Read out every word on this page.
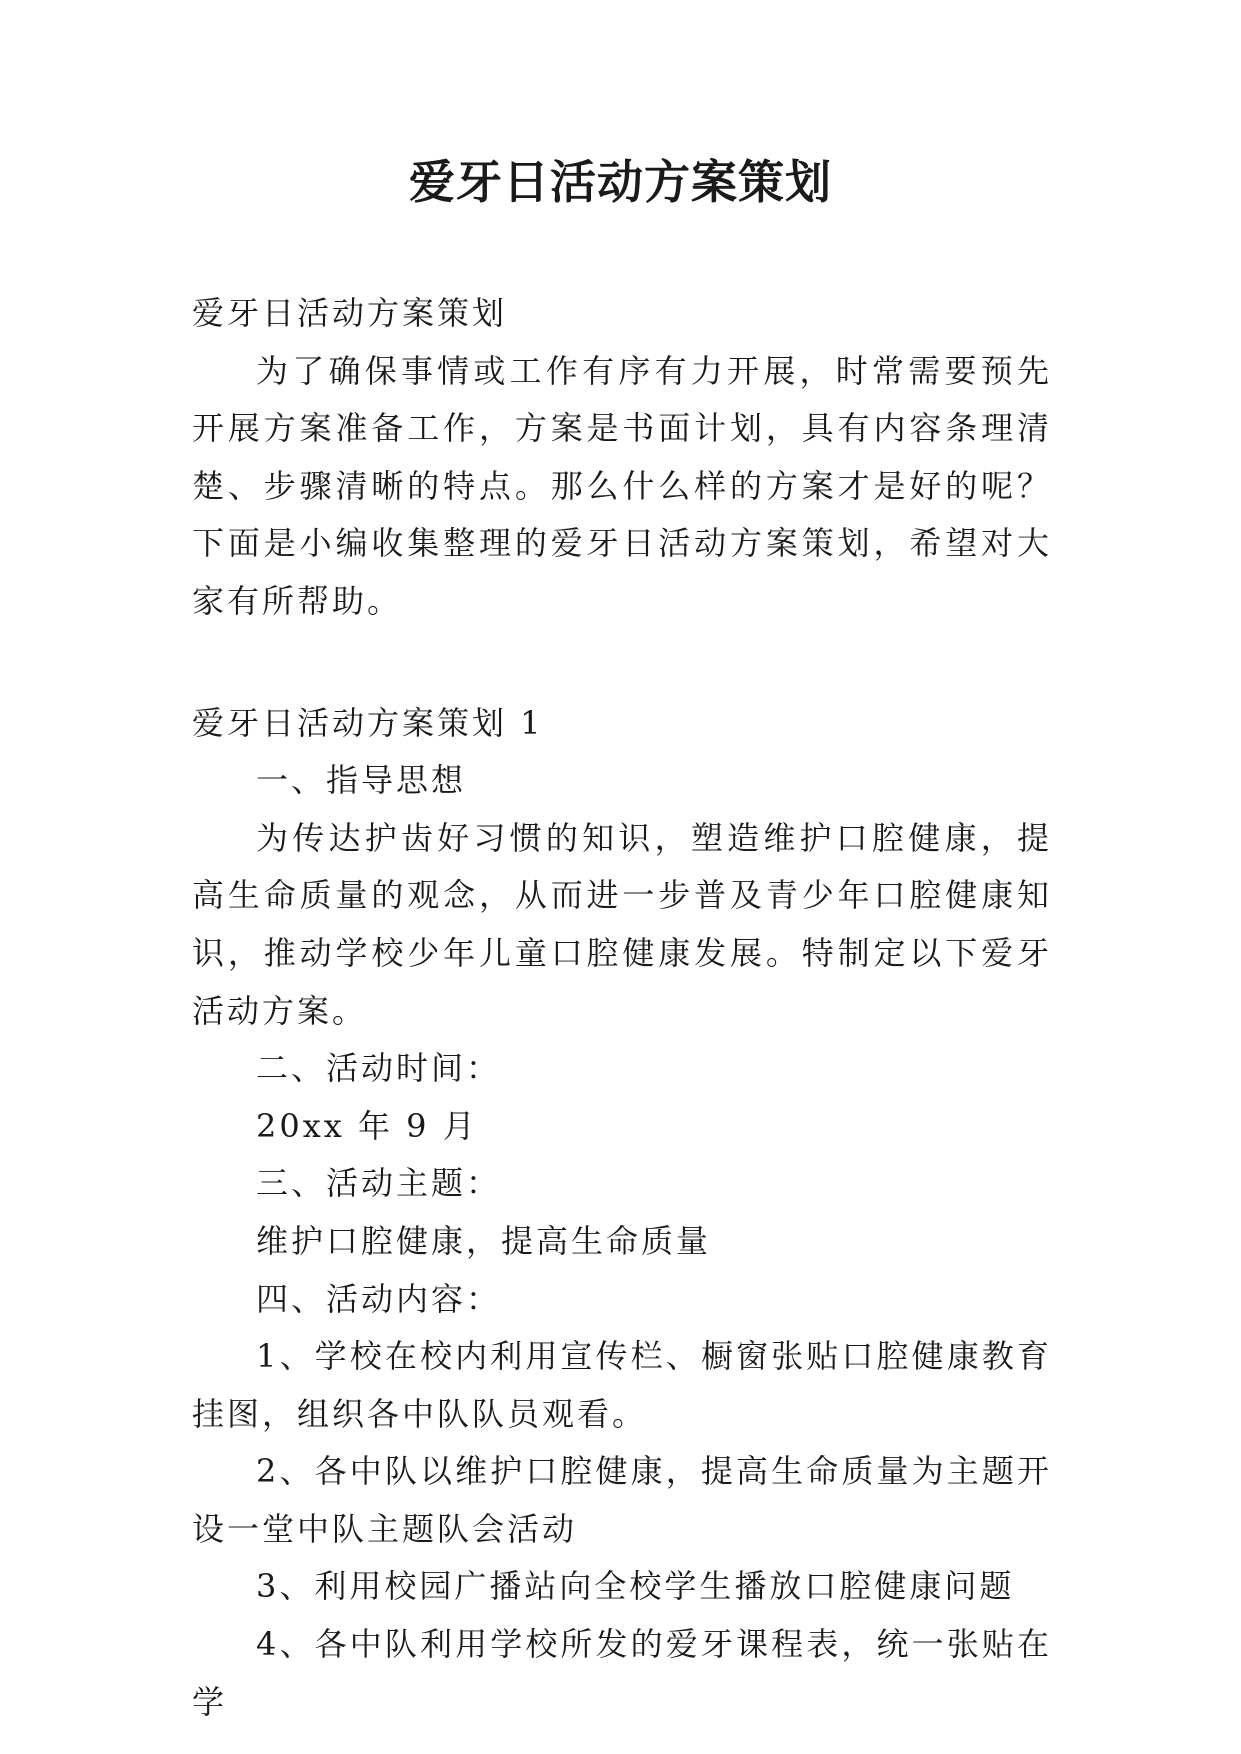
爱牙日活动方案策划

爱牙日活动方案策划

为了确保事情或工作有序有力开展，时常需要预先开展方案准备工作，方案是书面计划，具有内容条理清楚、步骤清晰的特点。那么什么样的方案才是好的呢？下面是小编收集整理的爱牙日活动方案策划，希望对大家有所帮助。

爱牙日活动方案策划 1

一、指导思想

为传达护齿好习惯的知识，塑造维护口腔健康，提高生命质量的观念，从而进一步普及青少年口腔健康知识，推动学校少年儿童口腔健康发展。特制定以下爱牙活动方案。

二、活动时间：

20xx 年 9 月

三、活动主题：

维护口腔健康，提高生命质量

四、活动内容：

1、学校在校内利用宣传栏、橱窗张贴口腔健康教育挂图，组织各中队队员观看。

2、各中队以维护口腔健康，提高生命质量为主题开设一堂中队主题队会活动

3、利用校园广播站向全校学生播放口腔健康问题

4、各中队利用学校所发的爱牙课程表，统一张贴在学
